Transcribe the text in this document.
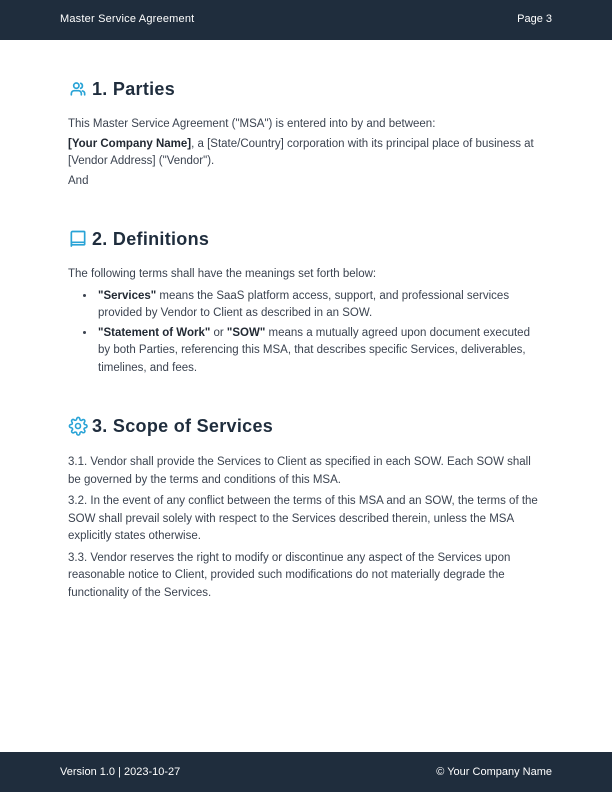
Master Service Agreement	Page 3
1. Parties

This Master Service Agreement ("MSA") is entered into by and between:

[Your Company Name], a [State/Country] corporation with its principal place of business at [Vendor Address] ("Vendor").

And

2. Definitions

The following terms shall have the meanings set forth below:

• "Services" means the SaaS platform access, support, and professional services provided by Vendor to Client as described in an SOW.
• "Statement of Work" or "SOW" means a mutually agreed upon document executed by both Parties, referencing this MSA, that describes specific Services, deliverables, timelines, and fees.
3. Scope of Services

3.1. Vendor shall provide the Services to Client as specified in each SOW. Each SOW shall be governed by the terms and conditions of this MSA.

3.2. In the event of any conflict between the terms of this MSA and an SOW, the terms of the SOW shall prevail solely with respect to the Services described therein, unless the MSA explicitly states otherwise.

3.3. Vendor reserves the right to modify or discontinue any aspect of the Services upon reasonable notice to Client, provided such modifications do not materially degrade the functionality of the Services.

Version 1.0 | 2023-10-27	© Your Company Name
